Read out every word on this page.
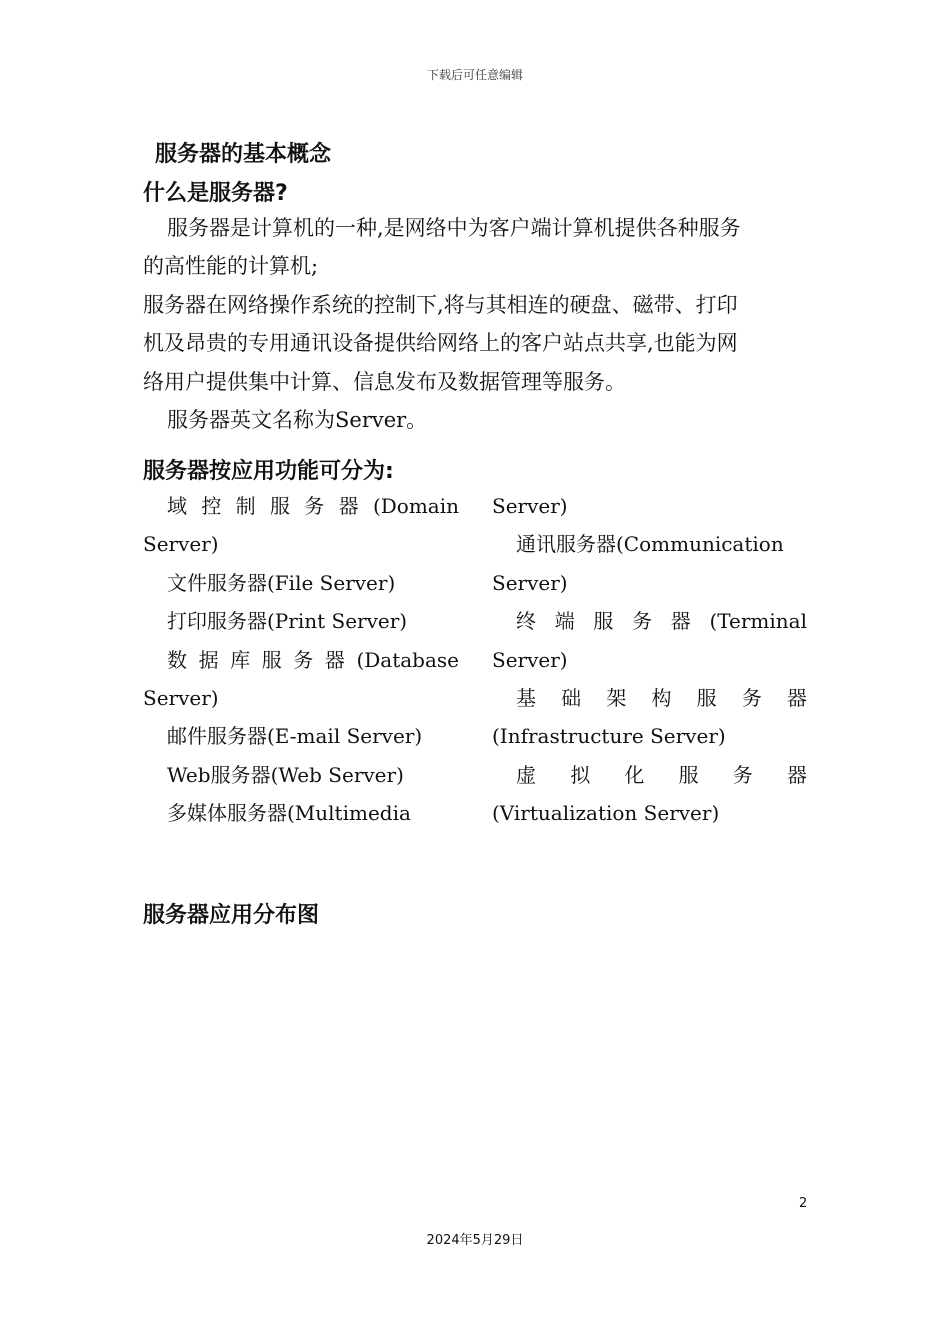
下载后可任意编辑
服务器的基本概念
什么是服务器?
服务器是计算机的一种,是网络中为客户端计算机提供各种服务
的高性能的计算机;
服务器在网络操作系统的控制下,将与其相连的硬盘、磁带、打印
机及昂贵的专用通讯设备提供给网络上的客户站点共享,也能为网
络用户提供集中计算、信息发布及数据管理等服务。
服务器英文名称为Server。
服务器按应用功能可分为:
域 控 制 服 务 器 (Domain
Server)
文件服务器(File Server)
打印服务器(Print Server)
数 据 库 服 务 器 (Database
Server)
邮件服务器(E-mail Server)
Web服务器(Web Server)
多媒体服务器(Multimedia
Server)
通讯服务器(Communication
Server)
终 端 服 务 器 (Terminal
Server)
基 础 架 构 服 务 器
(Infrastructure Server)
虚 拟 化 服 务 器
(Virtualization Server)
服务器应用分布图
2
2024年5月29日
